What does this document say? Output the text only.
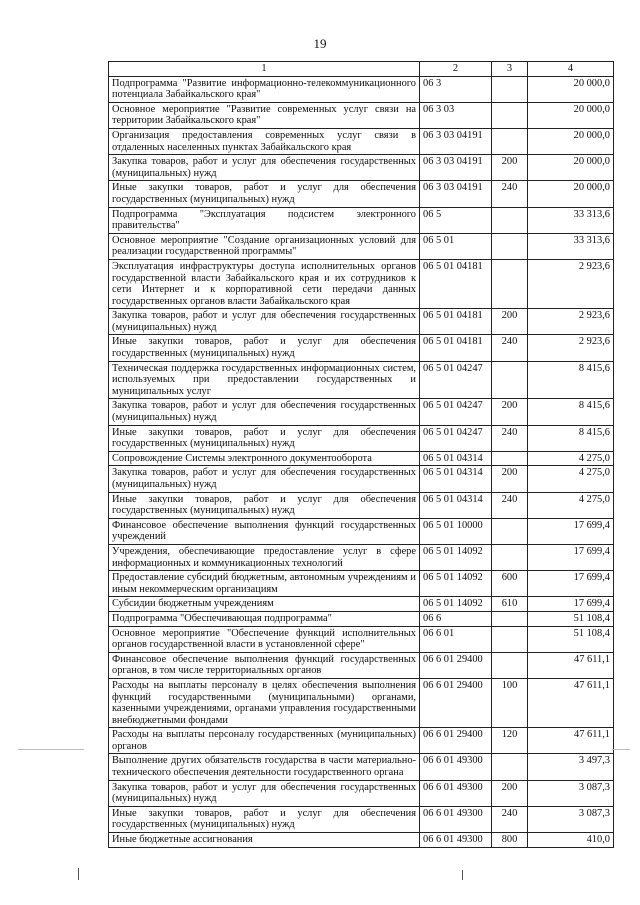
19
1	2	3	4
Подпрограмма "Развитие информационно-телекоммуникационного потенциала Забайкальского края"	06 3		20 000,0
Основное мероприятие "Развитие современных услуг связи на территории Забайкальского края"	06 3 03		20 000,0
Организация предоставления современных услуг связи в отдаленных населенных пунктах Забайкальского края	06 3 03 04191		20 000,0
Закупка товаров, работ и услуг для обеспечения государственных (муниципальных) нужд	06 3 03 04191	200	20 000,0
Иные закупки товаров, работ и услуг для обеспечения государственных (муниципальных) нужд	06 3 03 04191	240	20 000,0
Подпрограмма "Эксплуатация подсистем электронного правительства"	06 5		33 313,6
Основное мероприятие "Создание организационных условий для реализации государственной программы"	06 5 01		33 313,6
Эксплуатация инфраструктуры доступа исполнительных органов государственной власти Забайкальского края и их сотрудников к сети Интернет и к корпоративной сети передачи данных государственных органов власти Забайкальского края	06 5 01 04181		2 923,6
Закупка товаров, работ и услуг для обеспечения государственных (муниципальных) нужд	06 5 01 04181	200	2 923,6
Иные закупки товаров, работ и услуг для обеспечения государственных (муниципальных) нужд	06 5 01 04181	240	2 923,6
Техническая поддержка государственных информационных систем, используемых при предоставлении государственных и муниципальных услуг	06 5 01 04247		8 415,6
Закупка товаров, работ и услуг для обеспечения государственных (муниципальных) нужд	06 5 01 04247	200	8 415,6
Иные закупки товаров, работ и услуг для обеспечения государственных (муниципальных) нужд	06 5 01 04247	240	8 415,6
Сопровождение Системы электронного документооборота	06 5 01 04314		4 275,0
Закупка товаров, работ и услуг для обеспечения государственных (муниципальных) нужд	06 5 01 04314	200	4 275,0
Иные закупки товаров, работ и услуг для обеспечения государственных (муниципальных) нужд	06 5 01 04314	240	4 275,0
Финансовое обеспечение выполнения функций государственных учреждений	06 5 01 10000		17 699,4
Учреждения, обеспечивающие предоставление услуг в сфере информационных и коммуникационных технологий	06 5 01 14092		17 699,4
Предоставление субсидий бюджетным, автономным учреждениям и иным некоммерческим организациям	06 5 01 14092	600	17 699,4
Субсидии бюджетным учреждениям	06 5 01 14092	610	17 699,4
Подпрограмма "Обеспечивающая подпрограмма"	06 6		51 108,4
Основное мероприятие "Обеспечение функций исполнительных органов государственной власти в установленной сфере"	06 6 01		51 108,4
Финансовое обеспечение выполнения функций государственных органов, в том числе территориальных органов	06 6 01 29400		47 611,1
Расходы на выплаты персоналу в целях обеспечения выполнения функций государственными (муниципальными) органами, казенными учреждениями, органами управления государственными внебюджетными фондами	06 6 01 29400	100	47 611,1
Расходы на выплаты персоналу государственных (муниципальных) органов	06 6 01 29400	120	47 611,1
Выполнение других обязательств государства в части материально-технического обеспечения деятельности государственного органа	06 6 01 49300		3 497,3
Закупка товаров, работ и услуг для обеспечения государственных (муниципальных) нужд	06 6 01 49300	200	3 087,3
Иные закупки товаров, работ и услуг для обеспечения государственных (муниципальных) нужд	06 6 01 49300	240	3 087,3
Иные бюджетные ассигнования	06 6 01 49300	800	410,0
